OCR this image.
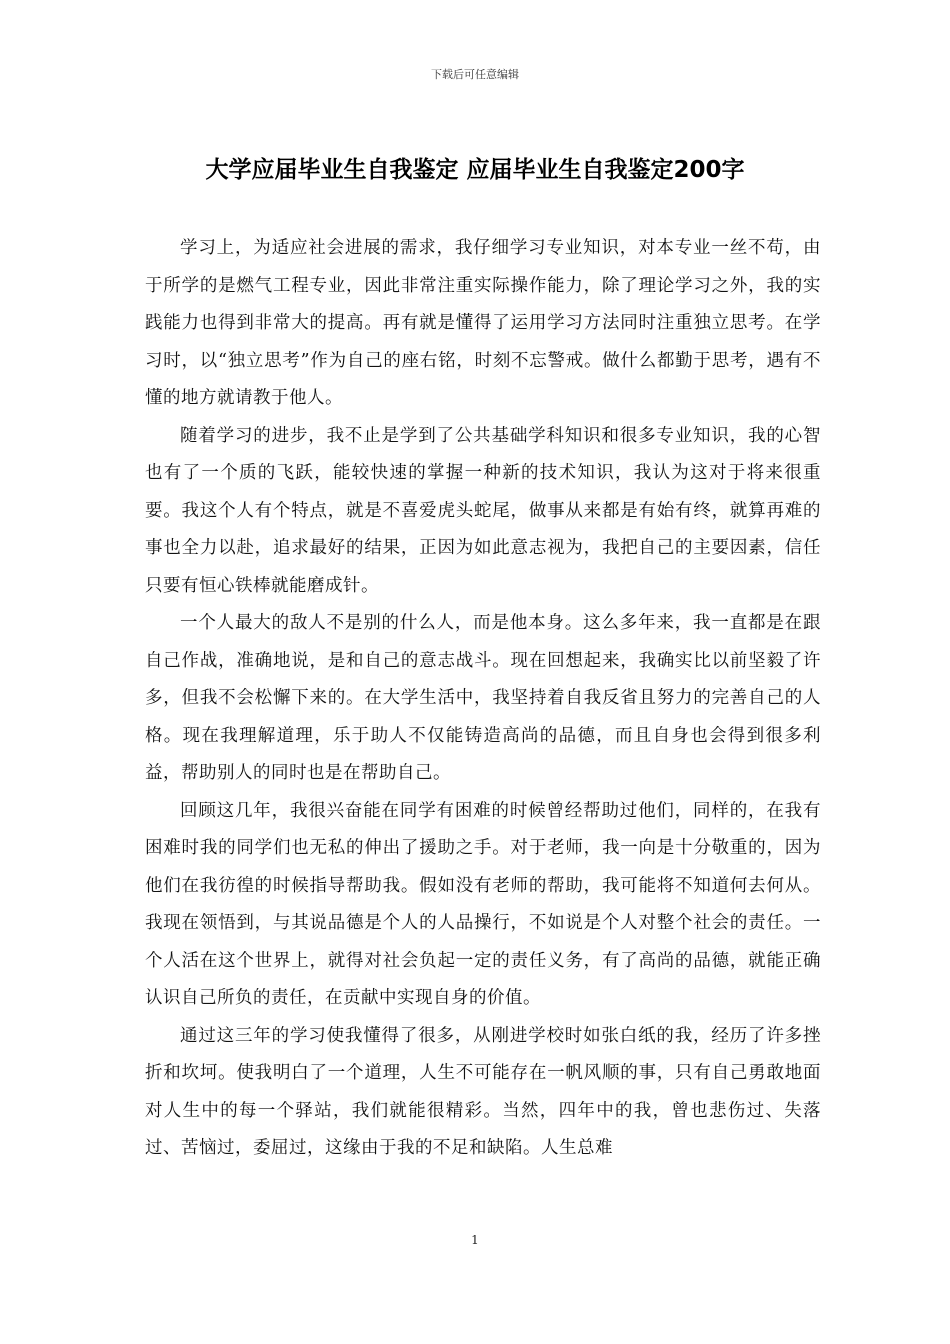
下载后可任意编辑
大学应届毕业生自我鉴定 应届毕业生自我鉴定200字

学习上，为适应社会进展的需求，我仔细学习专业知识，对本专业一丝不苟，由于所学的是燃气工程专业，因此非常注重实际操作能力，除了理论学习之外，我的实践能力也得到非常大的提高。再有就是懂得了运用学习方法同时注重独立思考。在学习时，以“独立思考”作为自己的座右铭，时刻不忘警戒。做什么都勤于思考，遇有不懂的地方就请教于他人。

随着学习的进步，我不止是学到了公共基础学科知识和很多专业知识，我的心智也有了一个质的飞跃，能较快速的掌握一种新的技术知识，我认为这对于将来很重要。我这个人有个特点，就是不喜爱虎头蛇尾，做事从来都是有始有终，就算再难的事也全力以赴，追求最好的结果，正因为如此意志视为，我把自己的主要因素，信任只要有恒心铁棒就能磨成针。

一个人最大的敌人不是别的什么人，而是他本身。这么多年来，我一直都是在跟自己作战，准确地说，是和自己的意志战斗。现在回想起来，我确实比以前坚毅了许多，但我不会松懈下来的。在大学生活中，我坚持着自我反省且努力的完善自己的人格。现在我理解道理，乐于助人不仅能铸造高尚的品德，而且自身也会得到很多利益，帮助别人的同时也是在帮助自己。

回顾这几年，我很兴奋能在同学有困难的时候曾经帮助过他们，同样的，在我有困难时我的同学们也无私的伸出了援助之手。对于老师，我一向是十分敬重的，因为他们在我彷徨的时候指导帮助我。假如没有老师的帮助，我可能将不知道何去何从。我现在领悟到，与其说品德是个人的人品操行，不如说是个人对整个社会的责任。一个人活在这个世界上，就得对社会负起一定的责任义务，有了高尚的品德，就能正确认识自己所负的责任，在贡献中实现自身的价值。

通过这三年的学习使我懂得了很多，从刚进学校时如张白纸的我，经历了许多挫折和坎坷。使我明白了一个道理，人生不可能存在一帆风顺的事，只有自己勇敢地面对人生中的每一个驿站，我们就能很精彩。当然，四年中的我，曾也悲伤过、失落过、苦恼过，委屈过，这缘由于我的不足和缺陷。人生总难

1
